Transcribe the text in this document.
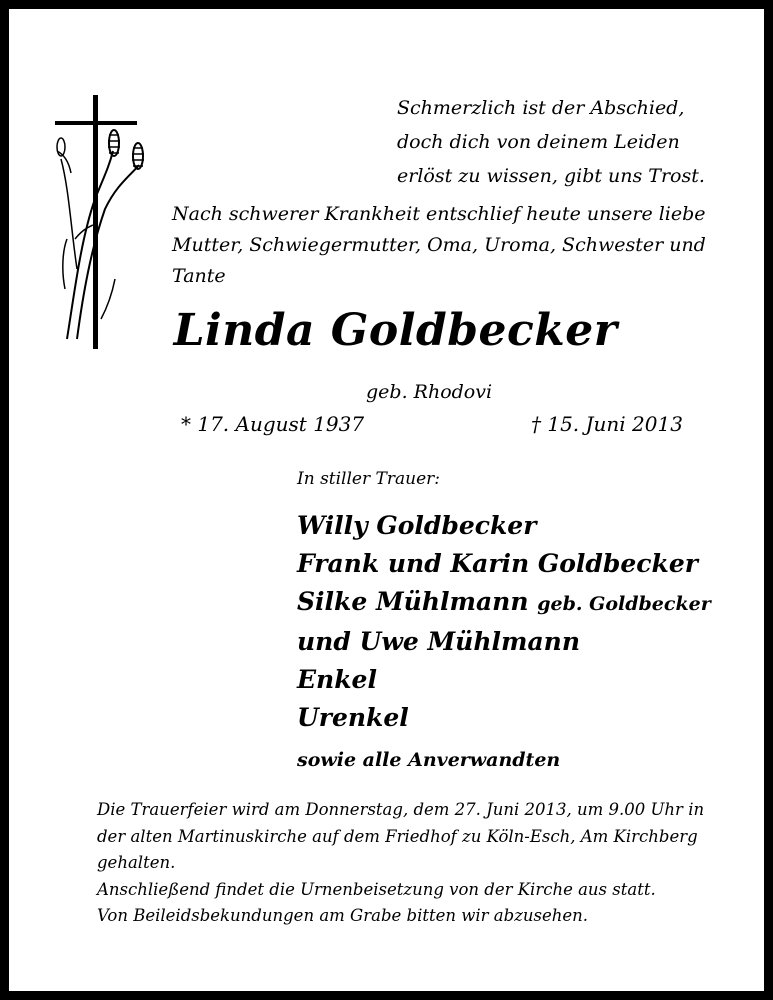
Schmerzlich ist der Abschied,
doch dich von deinem Leiden
erlöst zu wissen, gibt uns Trost.
Nach schwerer Krankheit entschlief heute unsere liebe Mutter, Schwiegermutter, Oma, Uroma, Schwester und Tante
Linda Goldbecker
geb. Rhodovi
* 17. August 1937	† 15. Juni 2013
In stiller Trauer:
Willy Goldbecker
Frank und Karin Goldbecker
Silke Mühlmann geb. Goldbecker
und Uwe Mühlmann
Enkel
Urenkel
sowie alle Anverwandten
Die Trauerfeier wird am Donnerstag, dem 27. Juni 2013, um 9.00 Uhr in der alten Martinuskirche auf dem Friedhof zu Köln-Esch, Am Kirchberg gehalten.
Anschließend findet die Urnenbeisetzung von der Kirche aus statt.
Von Beileidsbekundungen am Grabe bitten wir abzusehen.
